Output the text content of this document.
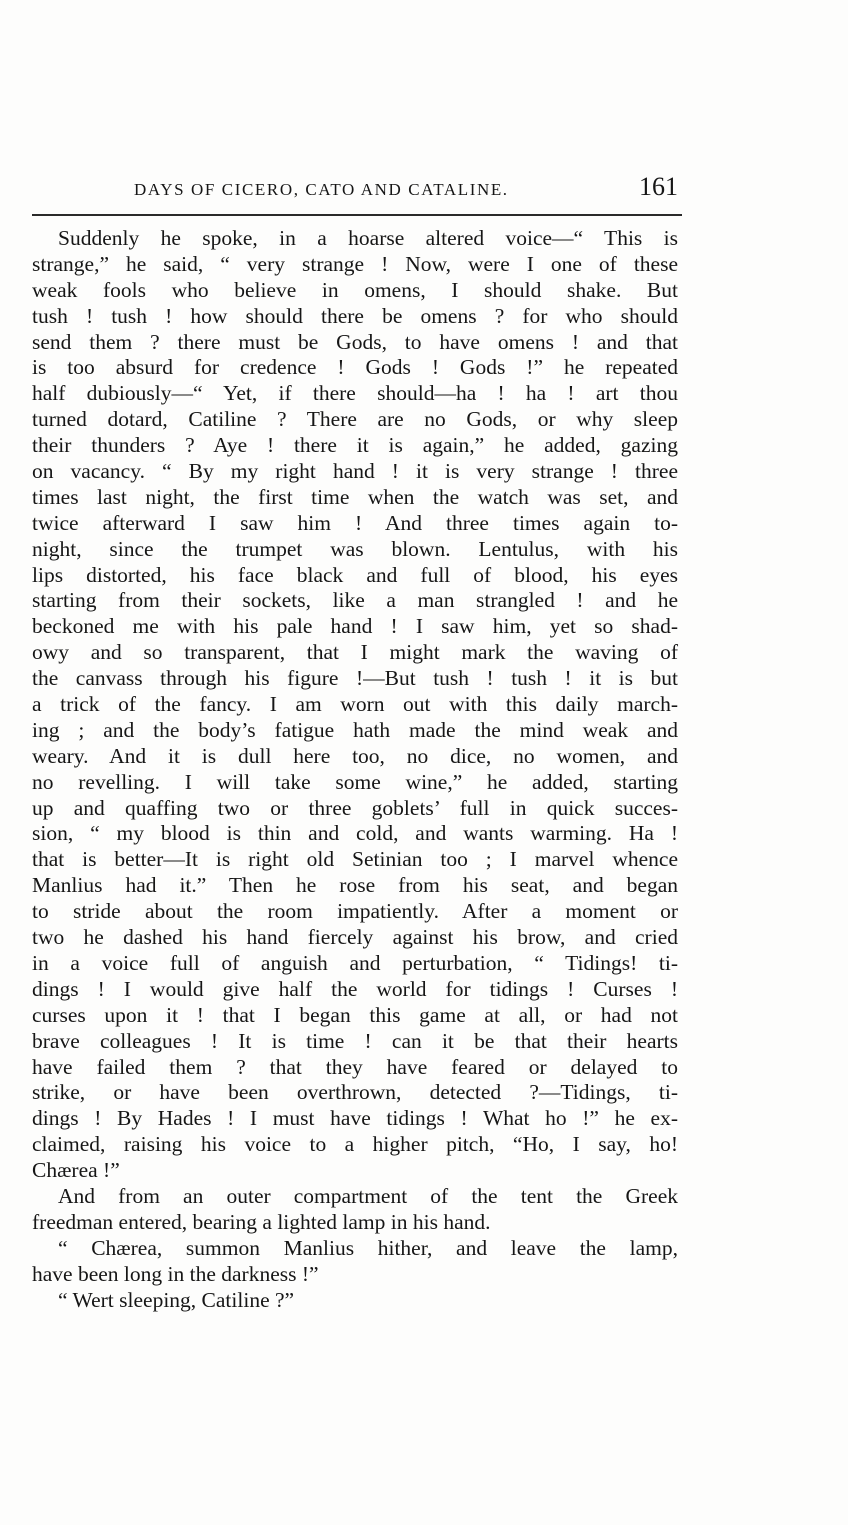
DAYS OF CICERO, CATO AND CATALINE.	161
Suddenly he spoke, in a hoarse altered voice—“ This is
strange,” he said, “ very strange ! Now, were I one of these
weak fools who believe in omens, I should shake. But
tush ! tush ! how should there be omens ? for who should
send them ? there must be Gods, to have omens ! and that
is too absurd for credence ! Gods ! Gods !” he repeated
half dubiously—“ Yet, if there should—ha ! ha ! art thou
turned dotard, Catiline ? There are no Gods, or why sleep
their thunders ? Aye ! there it is again,” he added, gazing
on vacancy. “ By my right hand ! it is very strange ! three
times last night, the first time when the watch was set, and
twice afterward I saw him ! And three times again to-
night, since the trumpet was blown. Lentulus, with his
lips distorted, his face black and full of blood, his eyes
starting from their sockets, like a man strangled ! and he
beckoned me with his pale hand ! I saw him, yet so shad-
owy and so transparent, that I might mark the waving of
the canvass through his figure !—But tush ! tush ! it is but
a trick of the fancy. I am worn out with this daily march-
ing ; and the body’s fatigue hath made the mind weak and
weary. And it is dull here too, no dice, no women, and
no revelling. I will take some wine,” he added, starting
up and quaffing two or three goblets’ full in quick succes-
sion, “ my blood is thin and cold, and wants warming. Ha !
that is better—It is right old Setinian too ; I marvel whence
Manlius had it.” Then he rose from his seat, and began
to stride about the room impatiently. After a moment or
two he dashed his hand fiercely against his brow, and cried
in a voice full of anguish and perturbation, “ Tidings! ti-
dings ! I would give half the world for tidings ! Curses !
curses upon it ! that I began this game at all, or had not
brave colleagues ! It is time ! can it be that their hearts
have failed them ? that they have feared or delayed to
strike, or have been overthrown, detected ?—Tidings, ti-
dings ! By Hades ! I must have tidings ! What ho !” he ex-
claimed, raising his voice to a higher pitch, “Ho, I say, ho!
Chærea !”
And from an outer compartment of the tent the Greek
freedman entered, bearing a lighted lamp in his hand.
“ Chærea, summon Manlius hither, and leave the lamp,
have been long in the darkness !”
“ Wert sleeping, Catiline ?”
